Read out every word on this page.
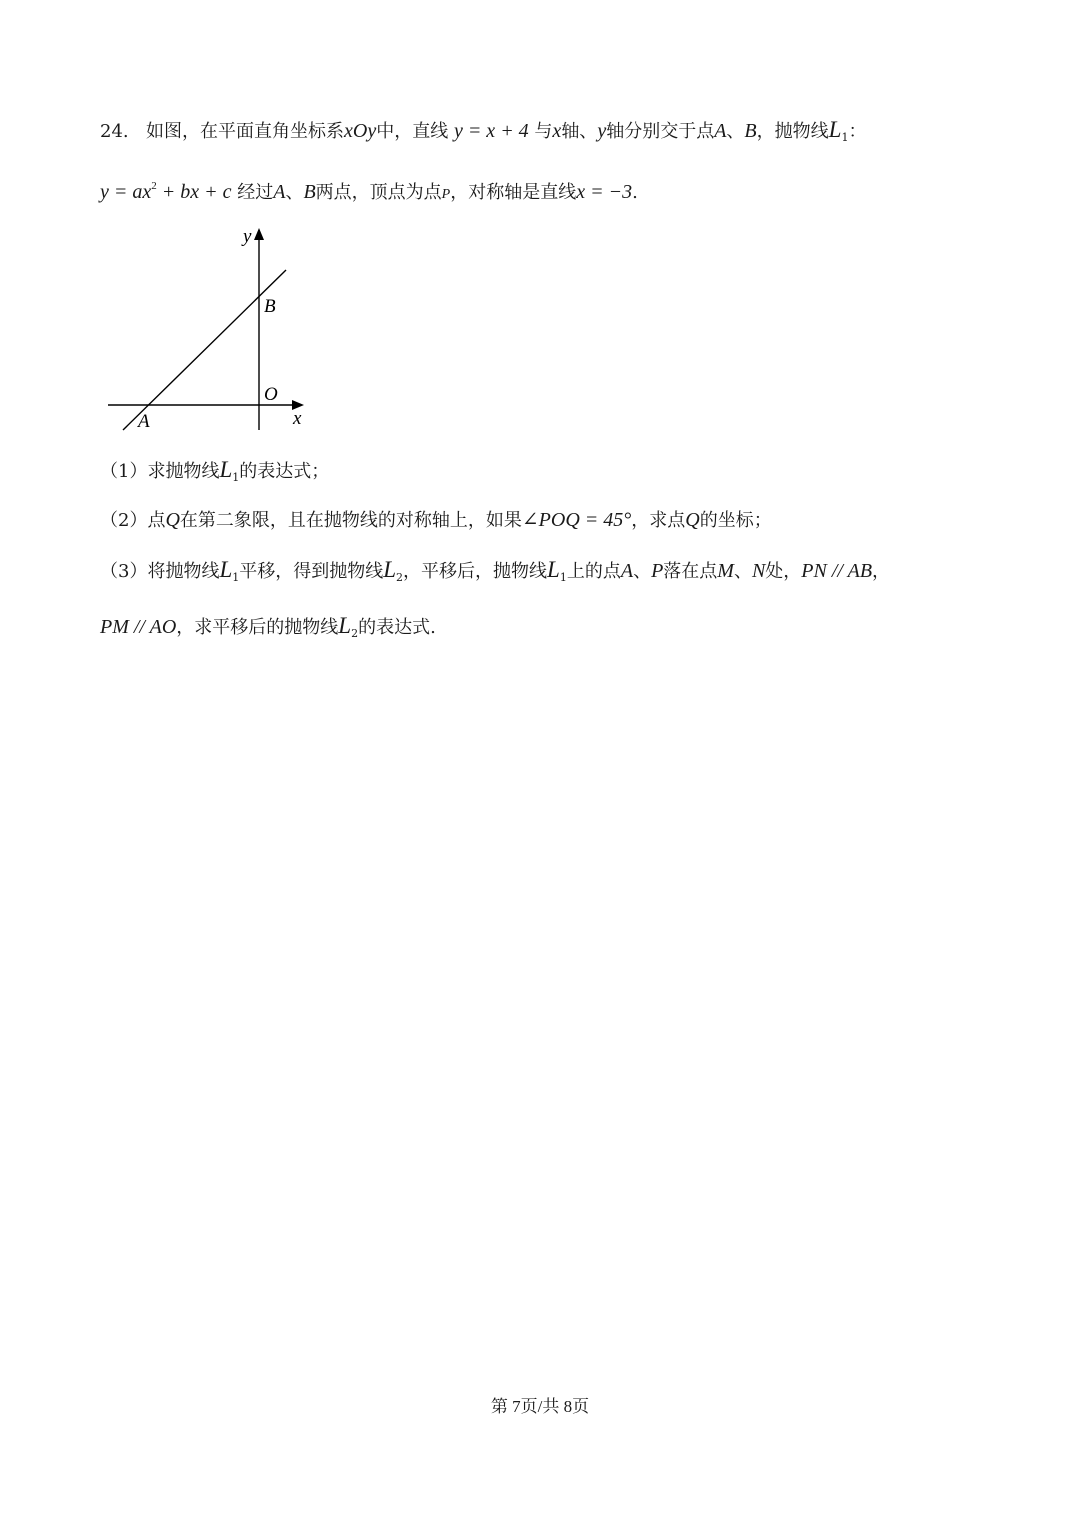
24. 如图，在平面直角坐标系xOy中，直线 y = x + 4 与x轴、y轴分别交于点A、B，抛物线$L_1$：
$y = ax^2$ + bx + c 经过A、B两点，顶点为点P，对称轴是直线x = −3.
y
x
B
O
A
（1）求抛物线$L_1$的表达式；
（2）点Q在第二象限，且在抛物线的对称轴上，如果∠POQ = 45°，求点Q的坐标；
（3）将抛物线$L_1$平移，得到抛物线$L_2$，平移后，抛物线$L_1$上的点A、P落在点M、N处，PN // AB，
PM // AO，求平移后的抛物线$L_2$的表达式.
第 7页/共 8页
